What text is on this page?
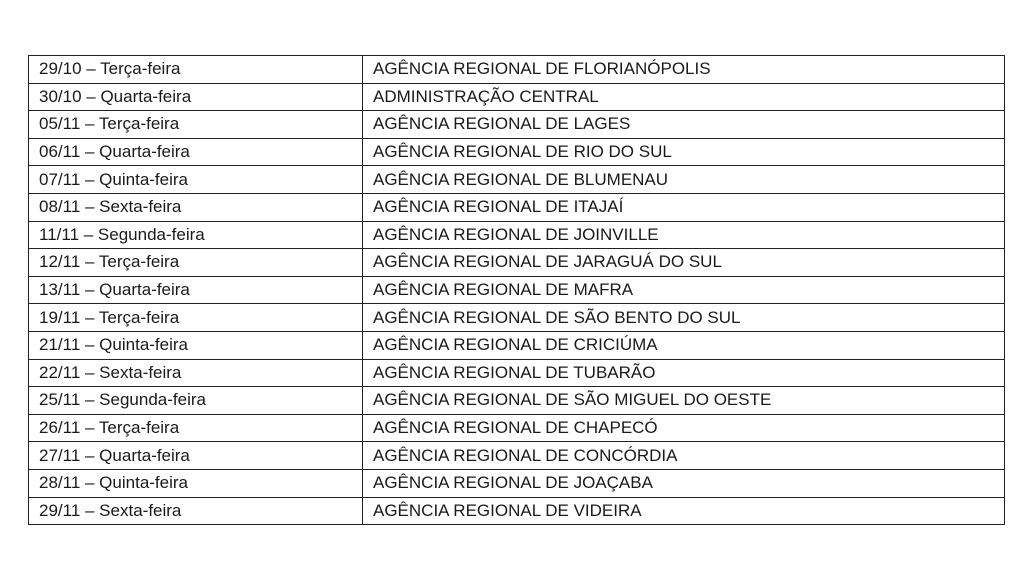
29/10 – Terça-feira	AGÊNCIA REGIONAL DE FLORIANÓPOLIS
30/10 – Quarta-feira	ADMINISTRAÇÃO CENTRAL
05/11 – Terça-feira	AGÊNCIA REGIONAL DE LAGES
06/11 – Quarta-feira	AGÊNCIA REGIONAL DE RIO DO SUL
07/11 – Quinta-feira	AGÊNCIA REGIONAL DE BLUMENAU
08/11 – Sexta-feira	AGÊNCIA REGIONAL DE ITAJAÍ
11/11 – Segunda-feira	AGÊNCIA REGIONAL DE JOINVILLE
12/11 – Terça-feira	AGÊNCIA REGIONAL DE JARAGUÁ DO SUL
13/11 – Quarta-feira	AGÊNCIA REGIONAL DE MAFRA
19/11 – Terça-feira	AGÊNCIA REGIONAL DE SÃO BENTO DO SUL
21/11 – Quinta-feira	AGÊNCIA REGIONAL DE CRICIÚMA
22/11 – Sexta-feira	AGÊNCIA REGIONAL DE TUBARÃO
25/11 – Segunda-feira	AGÊNCIA REGIONAL DE SÃO MIGUEL DO OESTE
26/11 – Terça-feira	AGÊNCIA REGIONAL DE CHAPECÓ
27/11 – Quarta-feira	AGÊNCIA REGIONAL DE CONCÓRDIA
28/11 – Quinta-feira	AGÊNCIA REGIONAL DE JOAÇABA
29/11 – Sexta-feira	AGÊNCIA REGIONAL DE VIDEIRA
